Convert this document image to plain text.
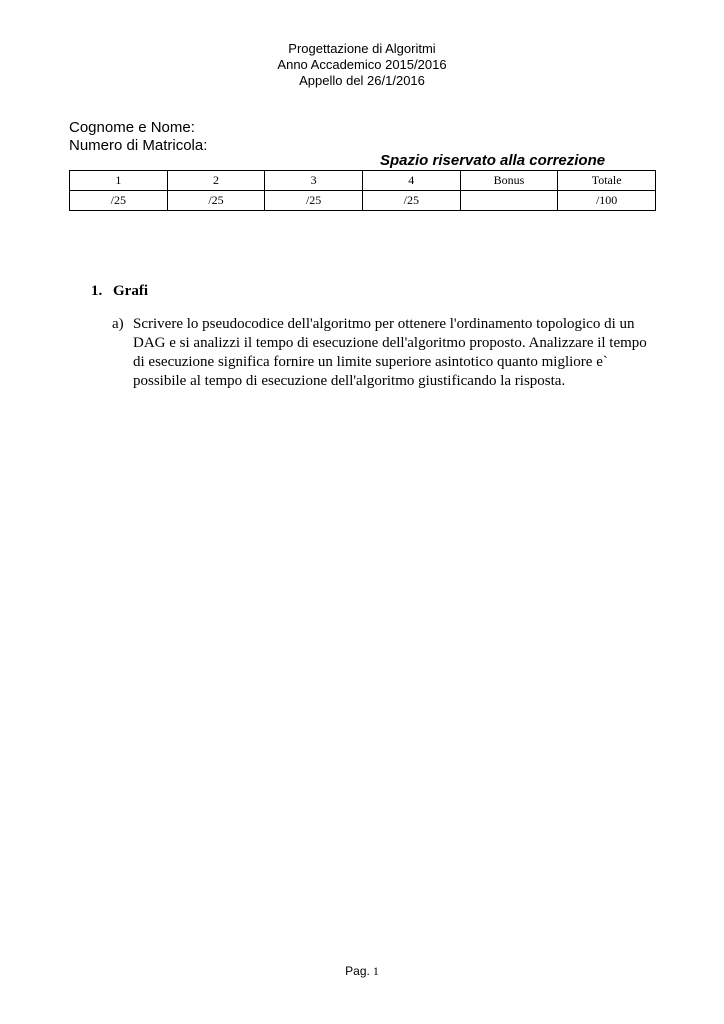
Progettazione di Algoritmi
Anno Accademico 2015/2016
Appello del 26/1/2016
Cognome e Nome:
Numero di Matricola:
Spazio riservato alla correzione
1	2	3	4	Bonus	Totale
/25	/25	/25	/25		/100
1. Grafi
a) Scrivere lo pseudocodice dell'algoritmo per ottenere l'ordinamento topologico di un DAG e si analizzi il tempo di esecuzione dell'algoritmo proposto. Analizzare il tempo di esecuzione significa fornire un limite superiore asintotico quanto migliore e` possibile al tempo di esecuzione dell'algoritmo giustificando la risposta.
Pag. 1
